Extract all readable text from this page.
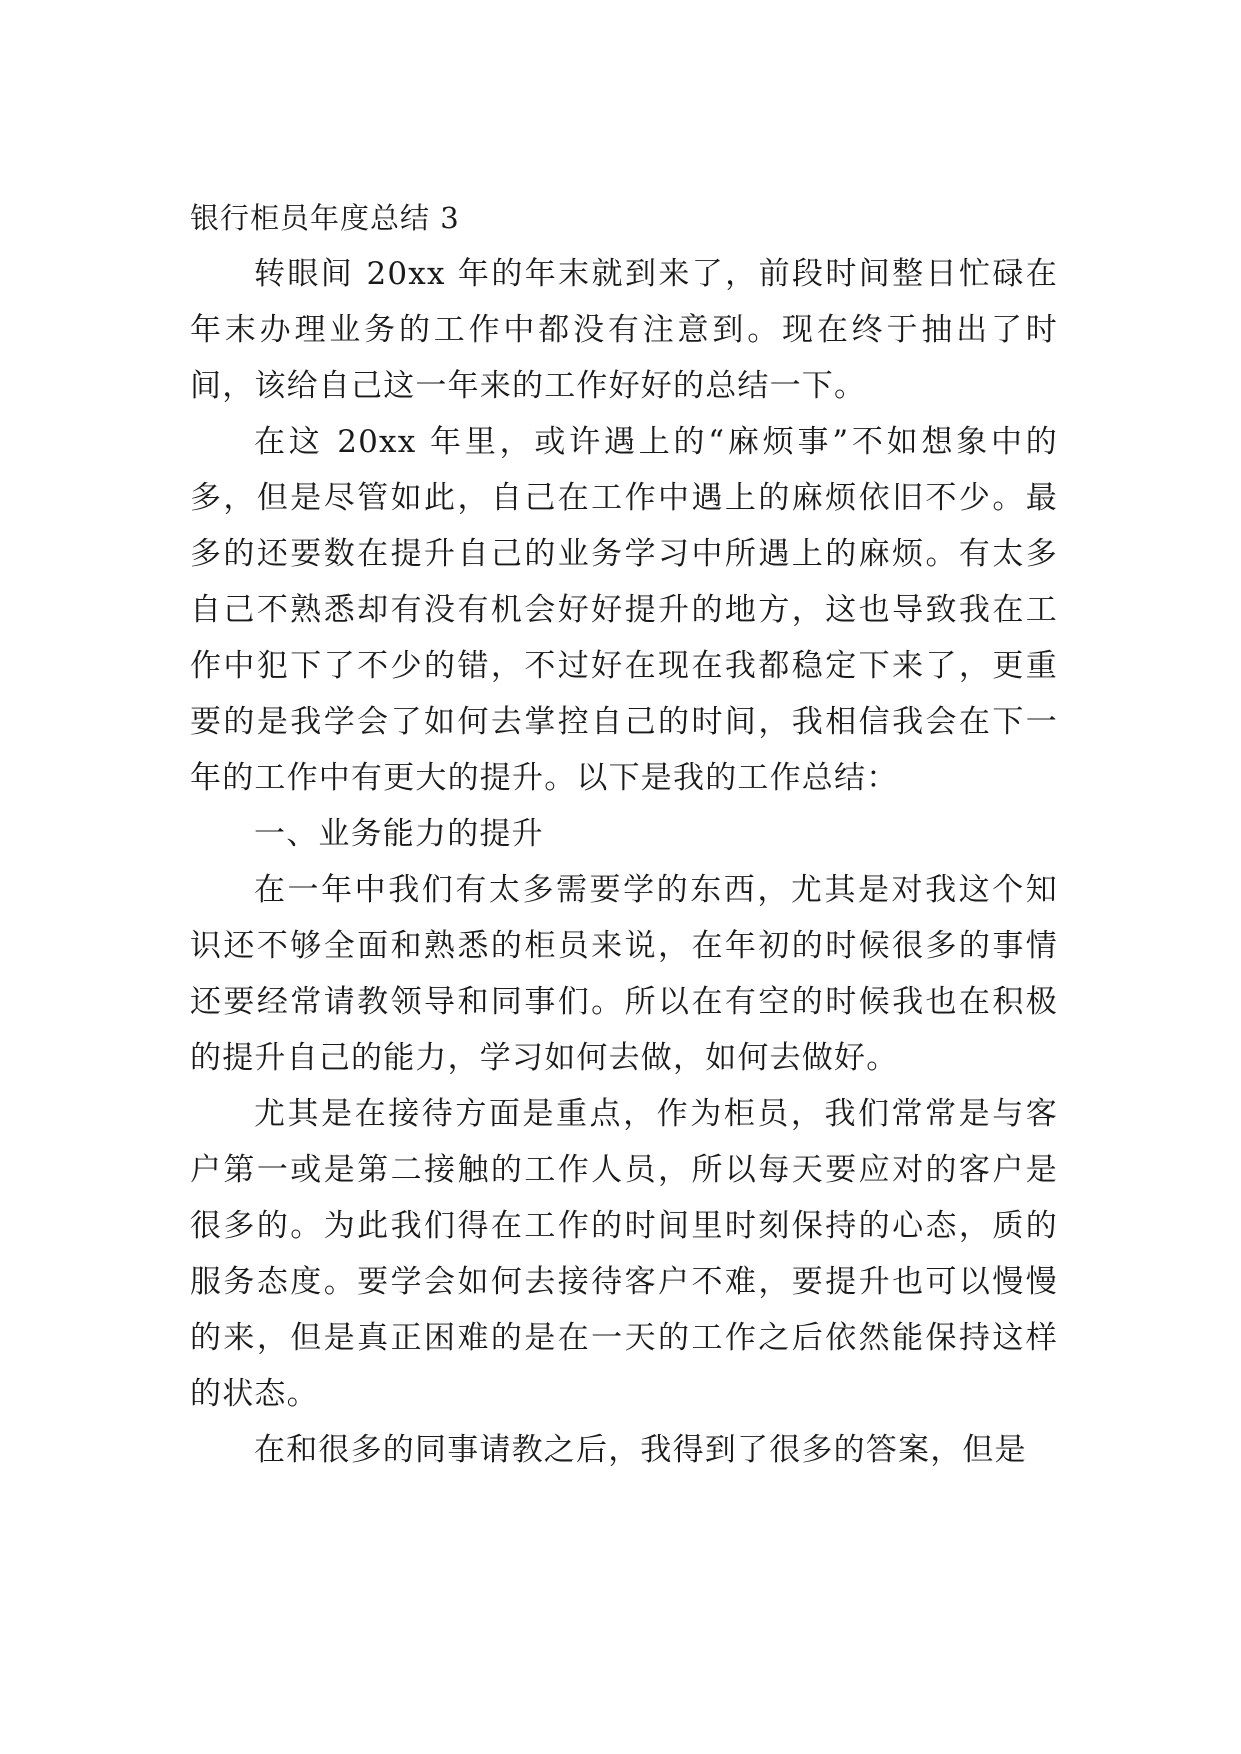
银行柜员年度总结 3

转眼间 20xx 年的年末就到来了，前段时间整日忙碌在年末办理业务的工作中都没有注意到。现在终于抽出了时间，该给自己这一年来的工作好好的总结一下。

在这 20xx 年里，或许遇上的“麻烦事”不如想象中的多，但是尽管如此，自己在工作中遇上的麻烦依旧不少。最多的还要数在提升自己的业务学习中所遇上的麻烦。有太多自己不熟悉却有没有机会好好提升的地方，这也导致我在工作中犯下了不少的错，不过好在现在我都稳定下来了，更重要的是我学会了如何去掌控自己的时间，我相信我会在下一年的工作中有更大的提升。以下是我的工作总结：

一、业务能力的提升

在一年中我们有太多需要学的东西，尤其是对我这个知识还不够全面和熟悉的柜员来说，在年初的时候很多的事情还要经常请教领导和同事们。所以在有空的时候我也在积极的提升自己的能力，学习如何去做，如何去做好。

尤其是在接待方面是重点，作为柜员，我们常常是与客户第一或是第二接触的工作人员，所以每天要应对的客户是很多的。为此我们得在工作的时间里时刻保持的心态，质的服务态度。要学会如何去接待客户不难，要提升也可以慢慢的来，但是真正困难的是在一天的工作之后依然能保持这样的状态。

在和很多的同事请教之后，我得到了很多的答案，但是
